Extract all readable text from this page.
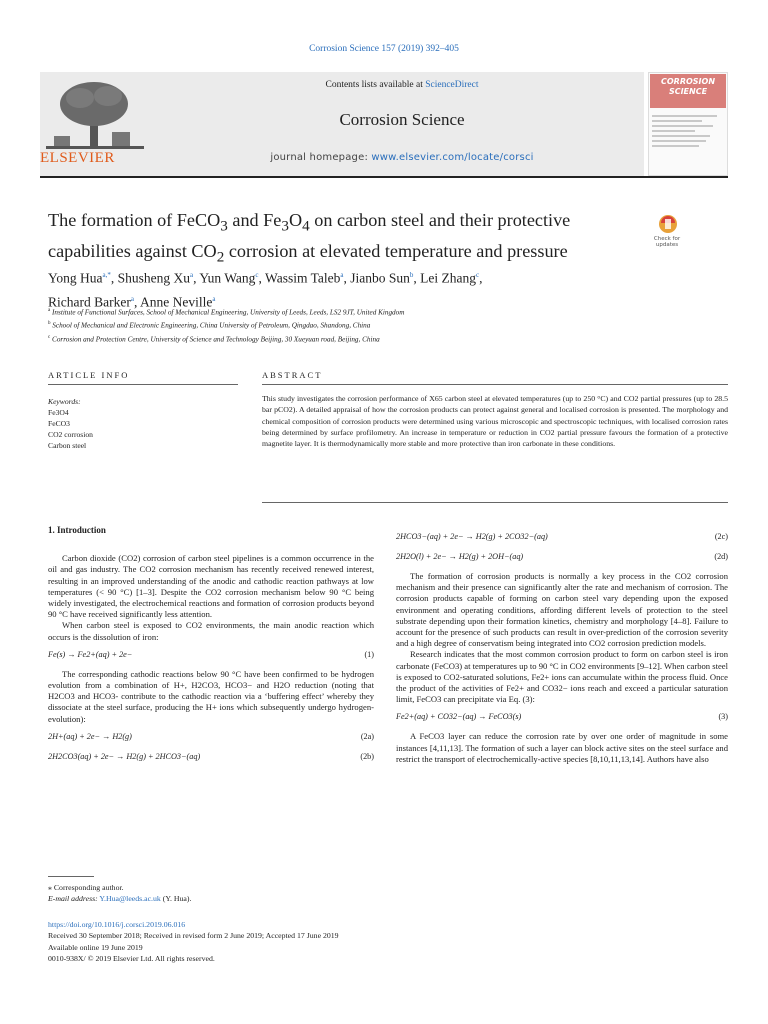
Corrosion Science 157 (2019) 392–405
ELSEVIER
Contents lists available at ScienceDirect
Corrosion Science
journal homepage: www.elsevier.com/locate/corsci
CORROSION SCIENCE
The formation of FeCO$_3$ and $Fe_3O_4$ on carbon steel and their protective capabilities against $CO_2$ corrosion at elevated temperature and pressure
Check for updates
Yong Hua$^{a,*}$, Shusheng Xu$^a$, Yun Wang$^c$, Wassim Taleb$^a$, Jianbo Sun$^b$, Lei Zhang$^c$,
Richard Barker$^a$, Anne Neville$^a$
$^a$ Institute of Functional Surfaces, School of Mechanical Engineering, University of Leeds, Leeds, LS2 9JT, United Kingdom
$^b$ School of Mechanical and Electronic Engineering, China University of Petroleum, Qingdao, Shandong, China
$^c$ Corrosion and Protection Centre, University of Science and Technology Beijing, 30 Xueyuan road, Beijing, China
ARTICLE INFO	ABSTRACT
Keywords:
Fe3O4
FeCO3
CO2 corrosion
Carbon steel
This study investigates the corrosion performance of X65 carbon steel at elevated temperatures (up to 250 °C) and CO2 partial pressures (up to 28.5 bar pCO2). A detailed appraisal of how the corrosion products can protect against general and localised corrosion is presented. The morphology and chemical composition of corrosion products were determined using various microscopic and spectroscopic techniques, with localised corrosion rates being determined by surface profilometry. An increase in temperature or reduction in CO2 partial pressure favours the formation of a protective magnetite layer. It is thermodynamically more stable and more protective than iron carbonate in these conditions.

1. Introduction

Carbon dioxide (CO2) corrosion of carbon steel pipelines is a common occurrence in the oil and gas industry. The CO2 corrosion mechanism has recently received renewed interest, resulting in an improved understanding of the anodic and cathodic reaction pathways at low temperatures (< 90 °C) [1–3]. Despite the CO2 corrosion mechanism below 90 °C being widely investigated, the electrochemical reactions and formation of corrosion products beyond 90 °C have received significantly less attention.

When carbon steel is exposed to CO2 environments, the main anodic reaction which occurs is the dissolution of iron:

Fe(s) → Fe2+(aq) + 2e−	(1)

The corresponding cathodic reactions below 90 °C have been confirmed to be hydrogen evolution from a combination of H+, H2CO3, HCO3− and H2O reduction (noting that H2CO3 and HCO3- contribute to the cathodic reaction via a ‘buffering effect’ whereby they dissociate at the steel surface, producing the H+ ions which subsequently undergo hydrogen-evolution):

2H+(aq) + 2e− → H2(g)	(2a)
2H2CO3(aq) + 2e− → H2(g) + 2HCO3−(aq)	(2b)
2HCO3−(aq) + 2e− → H2(g) + 2CO32−(aq)	(2c)
2H2O(l) + 2e− → H2(g) + 2OH−(aq)	(2d)

The formation of corrosion products is normally a key process in the CO2 corrosion mechanism and their presence can significantly alter the rate and mechanism of corrosion. The corrosion products capable of forming on carbon steel vary depending upon the exposed environment and operating conditions, affording different levels of protection to the steel substrate depending upon their formation kinetics, chemistry and morphology [4–8]. Failure to account for the presence of such products can result in over-prediction of the corrosion severity and a high degree of conservatism being integrated into CO2 corrosion prediction models.

Research indicates that the most common corrosion product to form on carbon steel is iron carbonate (FeCO3) at temperatures up to 90 °C in CO2 environments [9–12]. When carbon steel is exposed to CO2-saturated solutions, Fe2+ ions can accumulate within the process fluid. Once the product of the activities of Fe2+ and CO32− ions reach and exceed a particular saturation limit, FeCO3 can precipitate via Eq. (3):

Fe2+(aq) + CO32−(aq) → FeCO3(s)	(3)

A FeCO3 layer can reduce the corrosion rate by over one order of magnitude in some instances [4,11,13]. The formation of such a layer can block active sites on the steel surface and restrict the transport of electrochemically-active species [8,10,11,13,14]. Authors have also

⁎ Corresponding author.
E-mail address: Y.Hua@leeds.ac.uk (Y. Hua).
https://doi.org/10.1016/j.corsci.2019.06.016
Received 30 September 2018; Received in revised form 2 June 2019; Accepted 17 June 2019
Available online 19 June 2019
0010-938X/ © 2019 Elsevier Ltd. All rights reserved.
